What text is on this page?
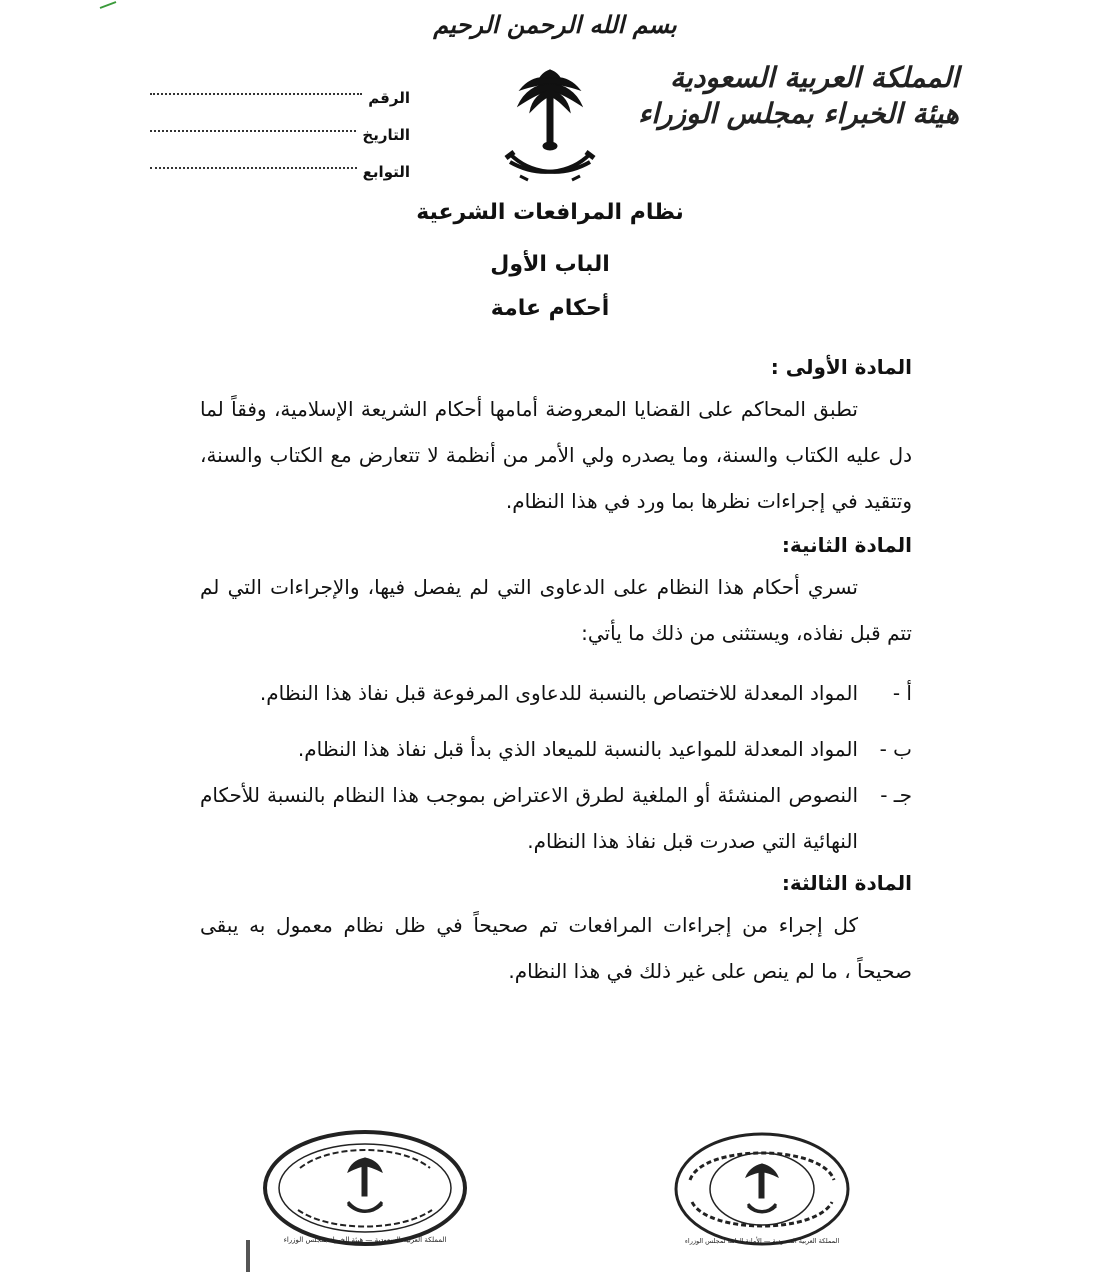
بسم الله الرحمن الرحيم
المملكة العربية السعودية
هيئة الخبراء بمجلس الوزراء
الرقم
التاريخ
التوابع
نظام المرافعات الشرعية
الباب الأول
أحكام عامة
المادة الأولى :

تطبق المحاكم على القضايا المعروضة أمامها أحكام الشريعة الإسلامية، وفقاً لما دل عليه الكتاب والسنة، وما يصدره ولي الأمر من أنظمة لا تتعارض مع الكتاب والسنة، وتتقيد في إجراءات نظرها بما ورد في هذا النظام.

المادة الثانية:

تسري أحكام هذا النظام على الدعاوى التي لم يفصل فيها، والإجراءات التي لم تتم قبل نفاذه، ويستثنى من ذلك ما يأتي:

أ -
المواد المعدلة للاختصاص بالنسبة للدعاوى المرفوعة قبل نفاذ هذا النظام.
ب -
المواد المعدلة للمواعيد بالنسبة للميعاد الذي بدأ قبل نفاذ هذا النظام.
جـ -
النصوص المنشئة أو الملغية لطرق الاعتراض بموجب هذا النظام بالنسبة للأحكام النهائية التي صدرت قبل نفاذ هذا النظام.
المادة الثالثة:

كل إجراء من إجراءات المرافعات تم صحيحاً في ظل نظام معمول به يبقى صحيحاً ، ما لم ينص على غير ذلك في هذا النظام.

المملكة العربية السعودية — هيئة الخبراء بمجلس الوزراء	المملكة العربية السعودية — الأمانة العامة لمجلس الوزراء
